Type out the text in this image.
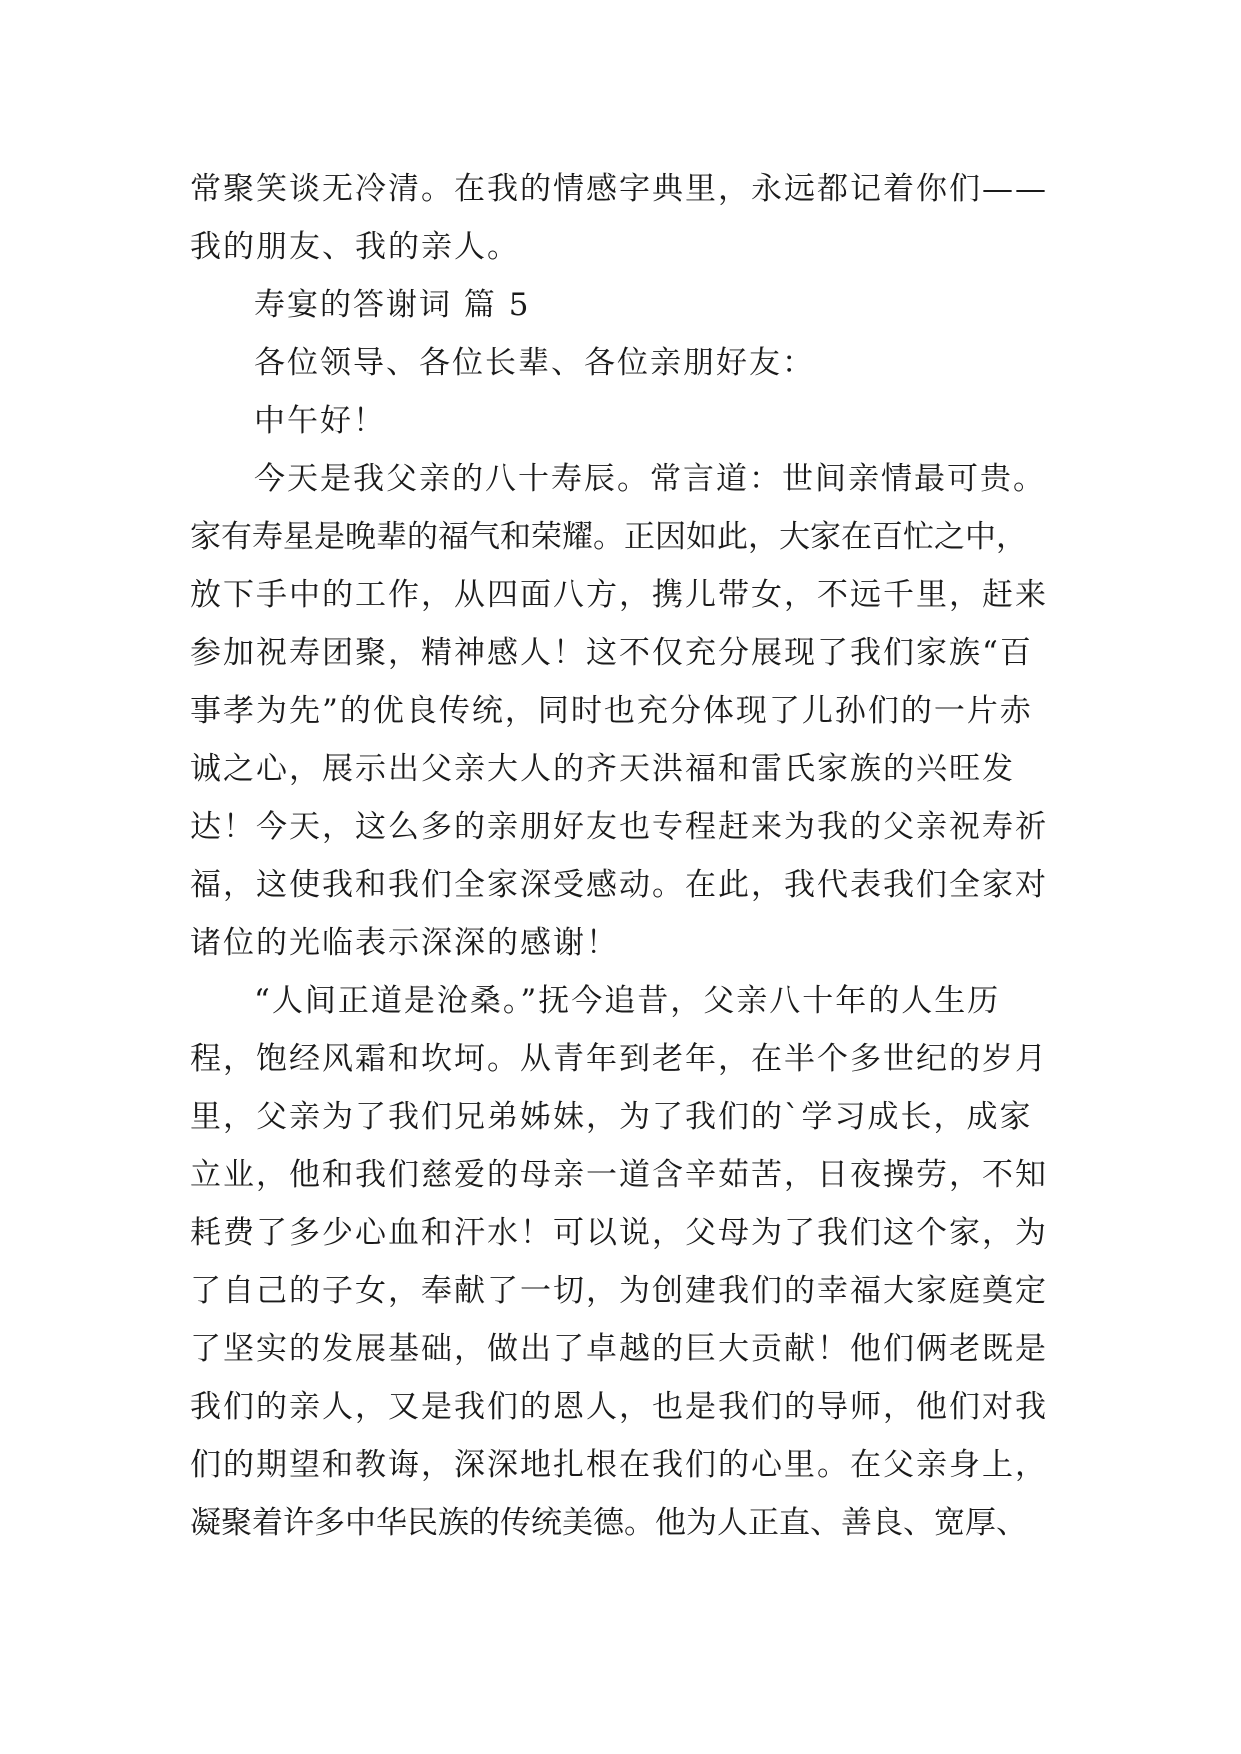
常聚笑谈无冷清。在我的情感字典里，永远都记着你们——
我的朋友、我的亲人。
寿宴的答谢词 篇 5
各位领导、各位长辈、各位亲朋好友：
中午好！
今天是我父亲的八十寿辰。常言道：世间亲情最可贵。
家有寿星是晚辈的福气和荣耀。正因如此，大家在百忙之中，
放下手中的工作，从四面八方，携儿带女，不远千里，赶来
参加祝寿团聚，精神感人！这不仅充分展现了我们家族“百
事孝为先”的优良传统，同时也充分体现了儿孙们的一片赤
诚之心，展示出父亲大人的齐天洪福和雷氏家族的兴旺发
达！今天，这么多的亲朋好友也专程赶来为我的父亲祝寿祈
福，这使我和我们全家深受感动。在此，我代表我们全家对
诸位的光临表示深深的感谢！
“人间正道是沧桑。”抚今追昔，父亲八十年的人生历
程，饱经风霜和坎坷。从青年到老年，在半个多世纪的岁月
里，父亲为了我们兄弟姊妹，为了我们的`学习成长，成家
立业，他和我们慈爱的母亲一道含辛茹苦，日夜操劳，不知
耗费了多少心血和汗水！可以说，父母为了我们这个家，为
了自己的子女，奉献了一切，为创建我们的幸福大家庭奠定
了坚实的发展基础，做出了卓越的巨大贡献！他们俩老既是
我们的亲人，又是我们的恩人，也是我们的导师，他们对我
们的期望和教诲，深深地扎根在我们的心里。在父亲身上，
凝聚着许多中华民族的传统美德。他为人正直、善良、宽厚、
